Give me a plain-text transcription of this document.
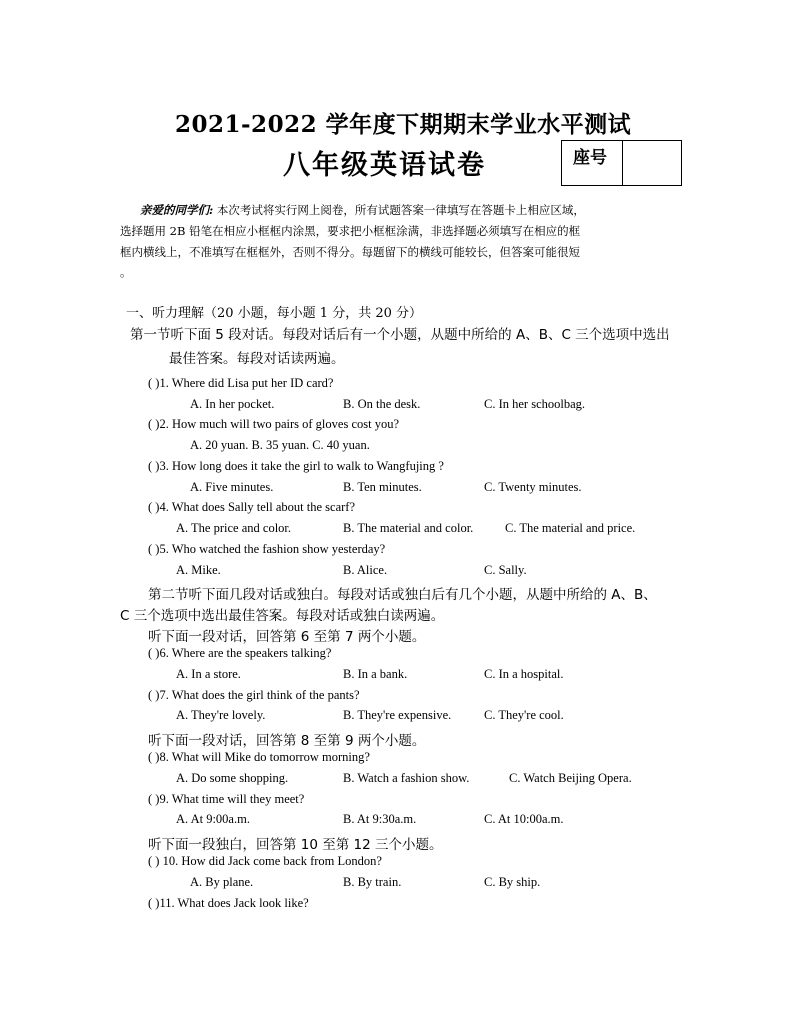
2021-2022 学年度下期期末学业水平测试
八年级英语试卷	座号
亲爱的同学们: 本次考试将实行网上阅卷，所有试题答案一律填写在答题卡上相应区域，
选择题用 2B 铅笔在相应小框框内涂黑，要求把小框框涂满，非选择题必须填写在相应的框
框内横线上，不准填写在框框外，否则不得分。每题留下的横线可能较长，但答案可能很短
。
一、听力理解（20 小题，每小题 1 分，共 20 分）
第一节听下面 5 段对话。每段对话后有一个小题，从题中所给的 A、B、C 三个选项中选出
最佳答案。每段对话读两遍。
( )1. Where did Lisa put her ID card?
A. In her pocket.	B. On the desk.	C. In her schoolbag.
( )2. How much will two pairs of gloves cost you?
A. 20 yuan. B. 35 yuan. C. 40 yuan.
( )3. How long does it take the girl to walk to Wangfujing ?
A. Five minutes.	B. Ten minutes.	C. Twenty minutes.
( )4. What does Sally tell about the scarf?
A. The price and color.	B. The material and color.	C. The material and price.
( )5. Who watched the fashion show yesterday?
A. Mike.	B. Alice.	C. Sally.
第二节听下面几段对话或独白。每段对话或独白后有几个小题，从题中所给的 A、B、
C 三个选项中选出最佳答案。每段对话或独白读两遍。
听下面一段对话，回答第 6 至第 7 两个小题。
( )6. Where are the speakers talking?
A. In a store.	B. In a bank.	C. In a hospital.
( )7. What does the girl think of the pants?
A. They're lovely.	B. They're expensive.	C. They're cool.
听下面一段对话，回答第 8 至第 9 两个小题。
( )8. What will Mike do tomorrow morning?
A. Do some shopping.	B. Watch a fashion show.	C. Watch Beijing Opera.
( )9. What time will they meet?
A. At 9:00a.m.	B. At 9:30a.m.	C. At 10:00a.m.
听下面一段独白，回答第 10 至第 12 三个小题。
( ) 10. How did Jack come back from London?
A. By plane.	B. By train.	C. By ship.
( )11. What does Jack look like?
